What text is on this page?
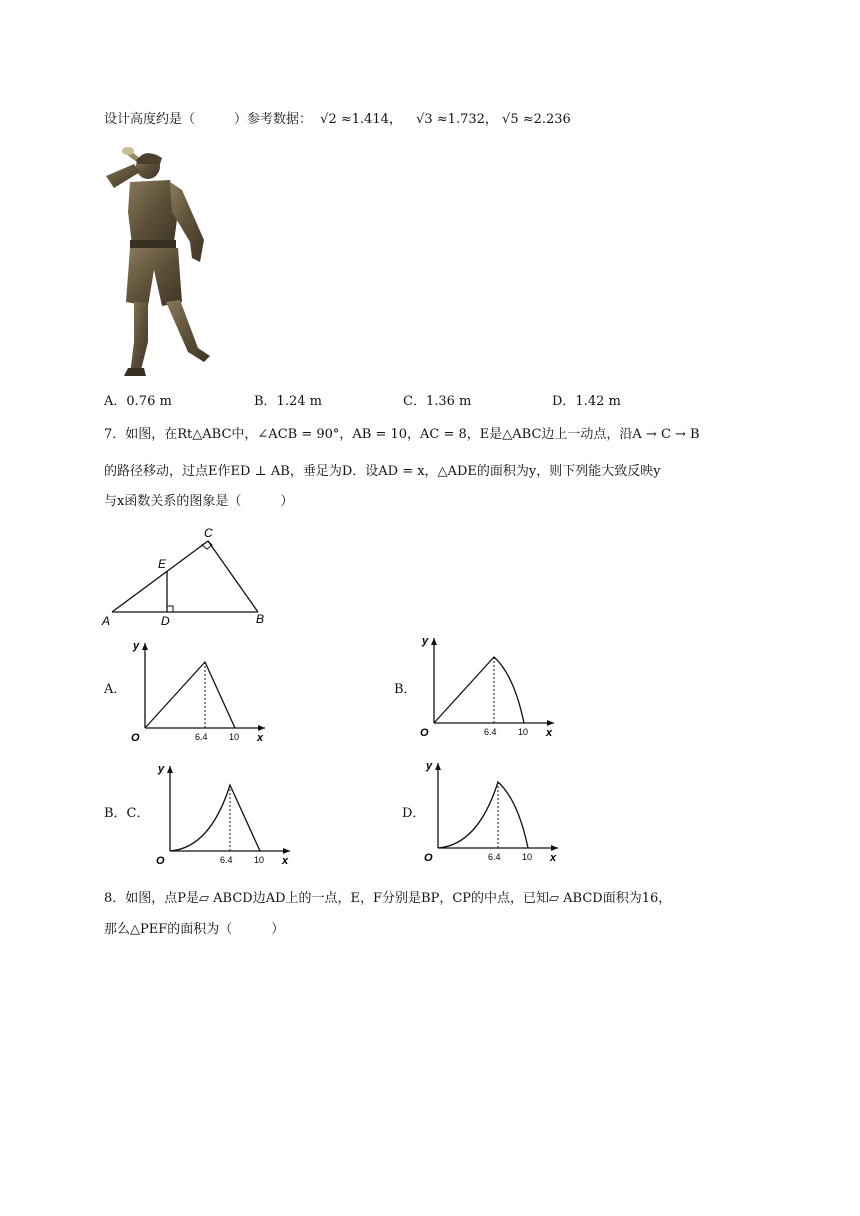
设计高度约是（　　　）参考数据： √2 ≈1.414， √3 ≈1.732， √5 ≈2.236
A．0.76 m	B．1.24 m	C．1.36 m	D．1.42 m
7．如图，在Rt△ABC中，∠ACB = 90°，AB = 10，AC = 8，E是△ABC边上一动点，沿A → C → B
的路径移动，过点E作ED ⊥ AB，垂足为D．设AD = x，△ADE的面积为y，则下列能大致反映y
与x函数关系的图象是（　　　）
A	D	B
C
E
A．	B．
B．C．	D．
y
O	6.4 10 x
y
O	6.4 10 x
y
O	6.4 10 x
y
O	6.4 10 x
8．如图，点P是▱ ABCD边AD上的一点，E，F分别是BP，CP的中点，已知▱ ABCD面积为16，
那么△PEF的面积为（　　　）
